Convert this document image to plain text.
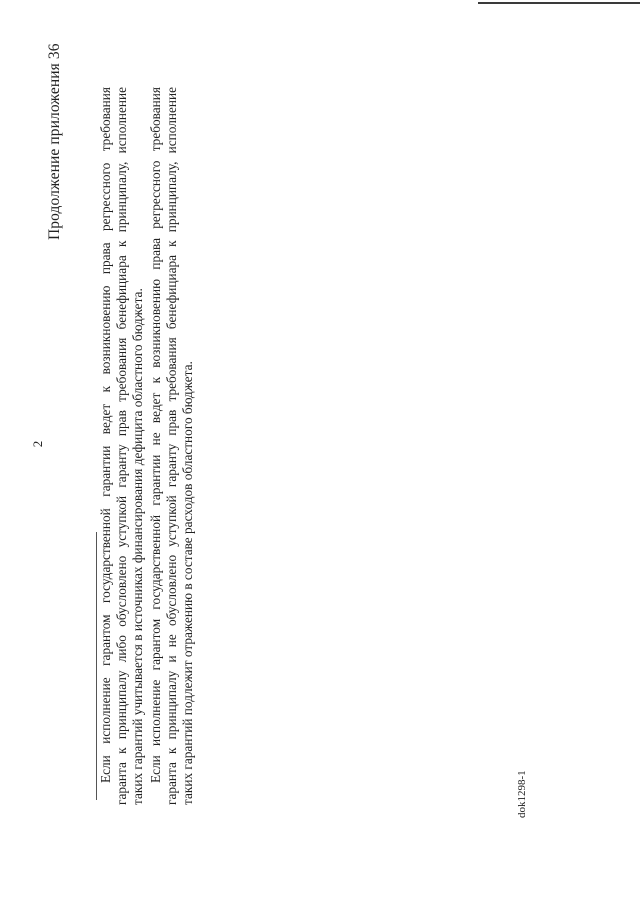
Продолжение приложения 36
2	Если исполнение гарантом государственной гарантии ведет к возникновению права регрессного требования гаранта к принципалу либо обусловлено уступкой гаранту прав требования бенефициара к принципалу, исполнение таких гарантий учитывается в источниках финансирования дефицита областного бюджета. Если исполнение гарантом государственной гарантии не ведет к возникновению права регрессного требования гаранта к принципалу и не обусловлено уступкой гаранту прав требования бенефициара к принципалу, исполнение таких гарантий подлежит отражению в составе расходов областного бюджета.	dok1298-1
